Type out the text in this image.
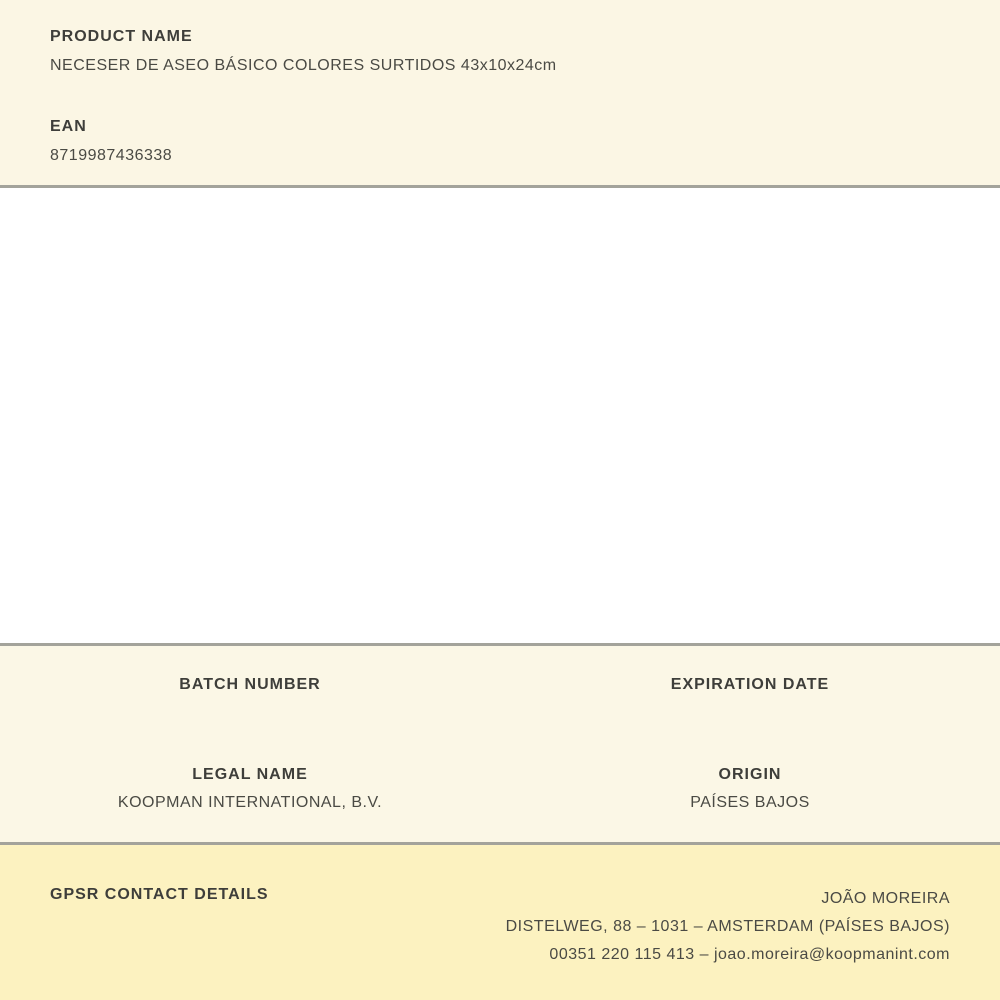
PRODUCT NAME
NECESER DE ASEO BÁSICO COLORES SURTIDOS 43x10x24cm
EAN
8719987436338
BATCH NUMBER
LEGAL NAME
KOOPMAN INTERNATIONAL, B.V.
EXPIRATION DATE
ORIGIN
PAÍSES BAJOS
GPSR CONTACT DETAILS	JOÃO MOREIRA
DISTELWEG, 88 – 1031 – AMSTERDAM (PAÍSES BAJOS)
00351 220 115 413 – joao.moreira@koopmanint.com
